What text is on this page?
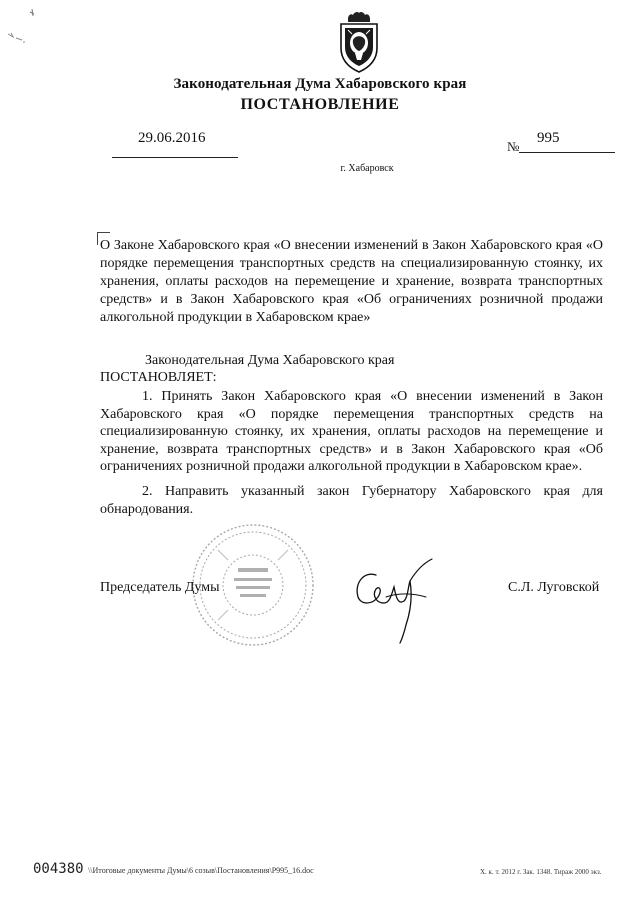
Законодательная Дума Хабаровского края
ПОСТАНОВЛЕНИЕ
29.06.2016
№
995
г. Хабаровск
О Законе Хабаровского края «О внесении изменений в Закон Хабаровского края «О порядке перемещения транспортных средств на специализированную стоянку, их хранения, оплаты расходов на перемещение и хранение, возврата транспортных средств» и в Закон Хабаровского края «Об ограничениях розничной продажи алкогольной продукции в Хабаровском крае»
Законодательная Дума Хабаровского края
ПОСТАНОВЛЯЕТ:
1. Принять Закон Хабаровского края «О внесении изменений в Закон Хабаровского края «О порядке перемещения транспортных средств на специализированную стоянку, их хранения, оплаты расходов на перемещение и хранение, возврата транспортных средств» и в Закон Хабаровского края «Об ограничениях розничной продажи алкогольной продукции в Хабаровском крае».
2. Направить указанный закон Губернатору Хабаровского края для обнародования.
Председатель Думы	С.Л. Луговской
004380 \\Итоговые документы Думы\6 созыв\Постановления\Р995_16.doc	Х. к. т. 2012 г. Зак. 1348. Тираж 2000 экз.
